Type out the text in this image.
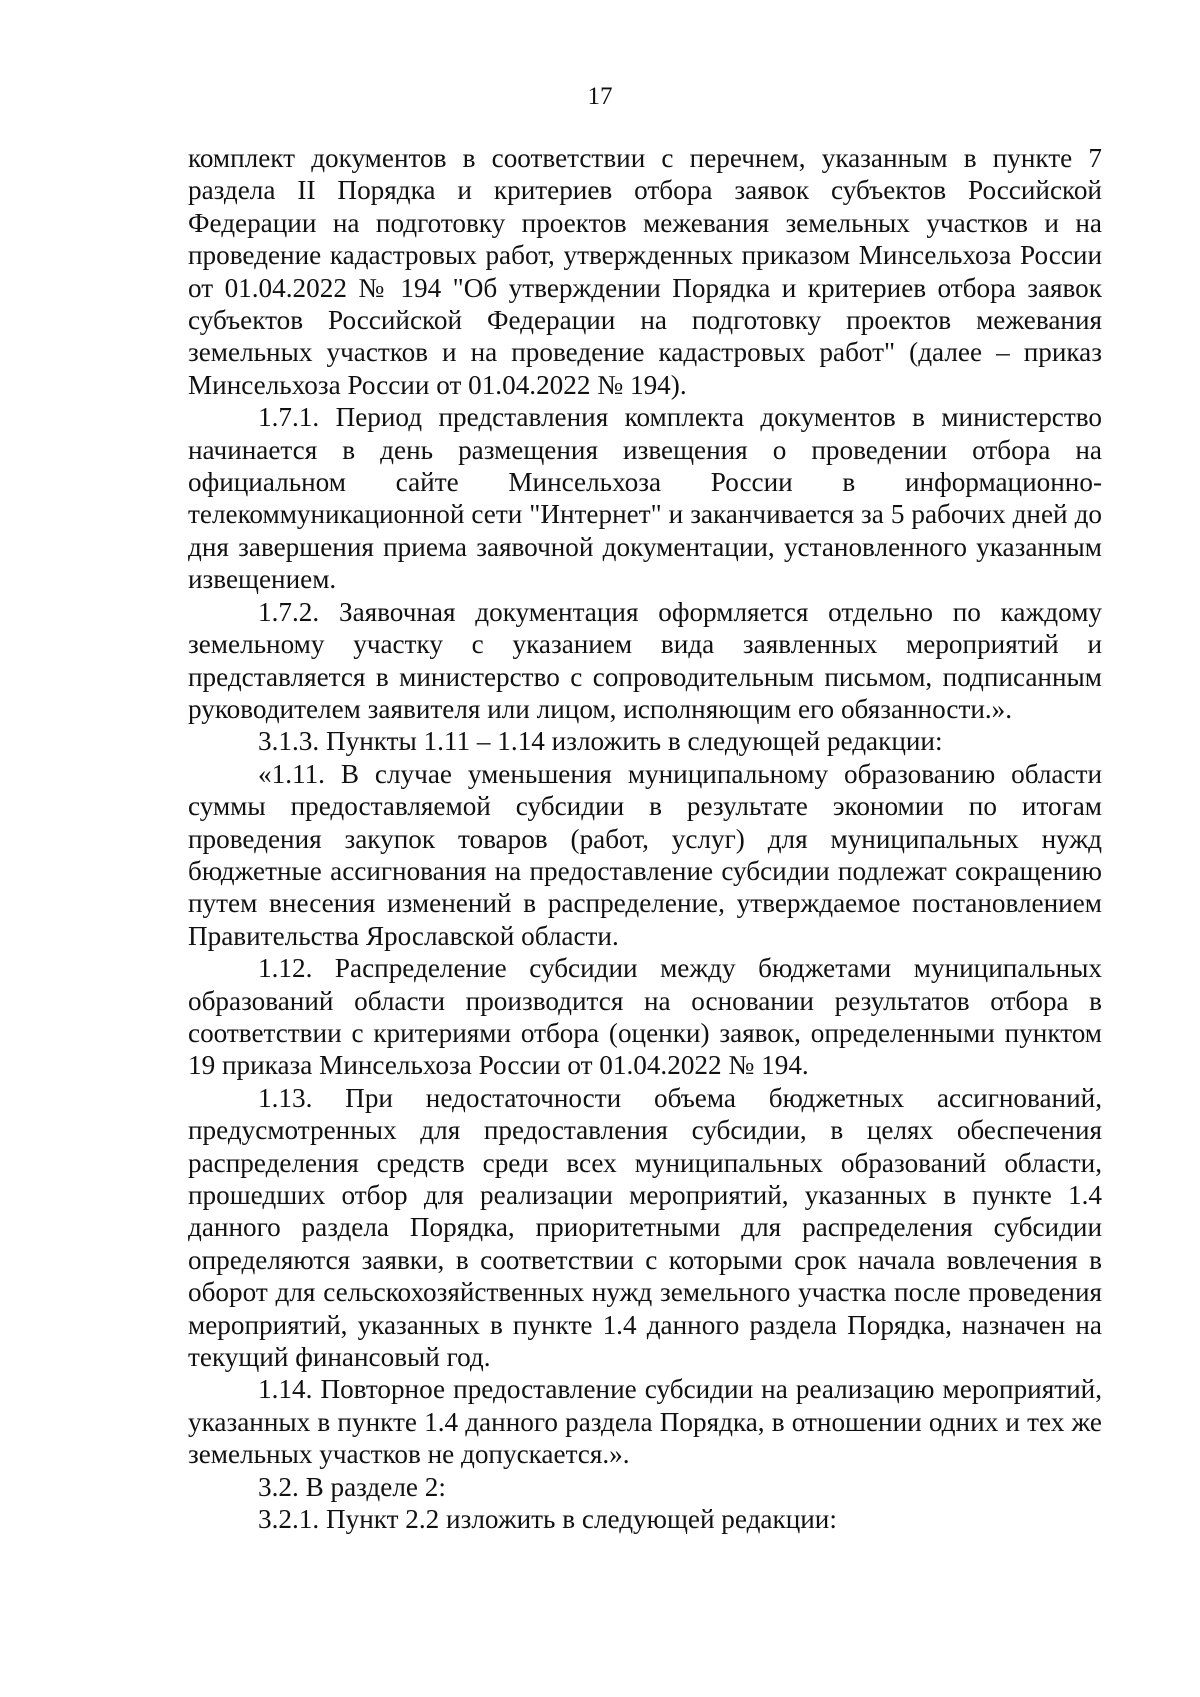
17

комплект документов в соответствии с перечнем, указанным в пункте 7 раздела II Порядка и критериев отбора заявок субъектов Российской Федерации на подготовку проектов межевания земельных участков и на проведение кадастровых работ, утвержденных приказом Минсельхоза России от 01.04.2022 № 194 "Об утверждении Порядка и критериев отбора заявок субъектов Российской Федерации на подготовку проектов межевания земельных участков и на проведение кадастровых работ" (далее – приказ Минсельхоза России от 01.04.2022 № 194).

1.7.1. Период представления комплекта документов в министерство начинается в день размещения извещения о проведении отбора на официальном сайте Минсельхоза России в информационно-телекоммуникационной сети "Интернет" и заканчивается за 5 рабочих дней до дня завершения приема заявочной документации, установленного указанным извещением.

1.7.2. Заявочная документация оформляется отдельно по каждому земельному участку с указанием вида заявленных мероприятий и представляется в министерство с сопроводительным письмом, подписанным руководителем заявителя или лицом, исполняющим его обязанности.».

3.1.3. Пункты 1.11 – 1.14 изложить в следующей редакции:

«1.11. В случае уменьшения муниципальному образованию области суммы предоставляемой субсидии в результате экономии по итогам проведения закупок товаров (работ, услуг) для муниципальных нужд бюджетные ассигнования на предоставление субсидии подлежат сокращению путем внесения изменений в распределение, утверждаемое постановлением Правительства Ярославской области.

1.12. Распределение субсидии между бюджетами муниципальных образований области производится на основании результатов отбора в соответствии с критериями отбора (оценки) заявок, определенными пунктом 19 приказа Минсельхоза России от 01.04.2022 № 194.

1.13. При недостаточности объема бюджетных ассигнований, предусмотренных для предоставления субсидии, в целях обеспечения распределения средств среди всех муниципальных образований области, прошедших отбор для реализации мероприятий, указанных в пункте 1.4 данного раздела Порядка, приоритетными для распределения субсидии определяются заявки, в соответствии с которыми срок начала вовлечения в оборот для сельскохозяйственных нужд земельного участка после проведения мероприятий, указанных в пункте 1.4 данного раздела Порядка, назначен на текущий финансовый год.

1.14. Повторное предоставление субсидии на реализацию мероприятий, указанных в пункте 1.4 данного раздела Порядка, в отношении одних и тех же земельных участков не допускается.».

3.2. В разделе 2:

3.2.1. Пункт 2.2 изложить в следующей редакции:
